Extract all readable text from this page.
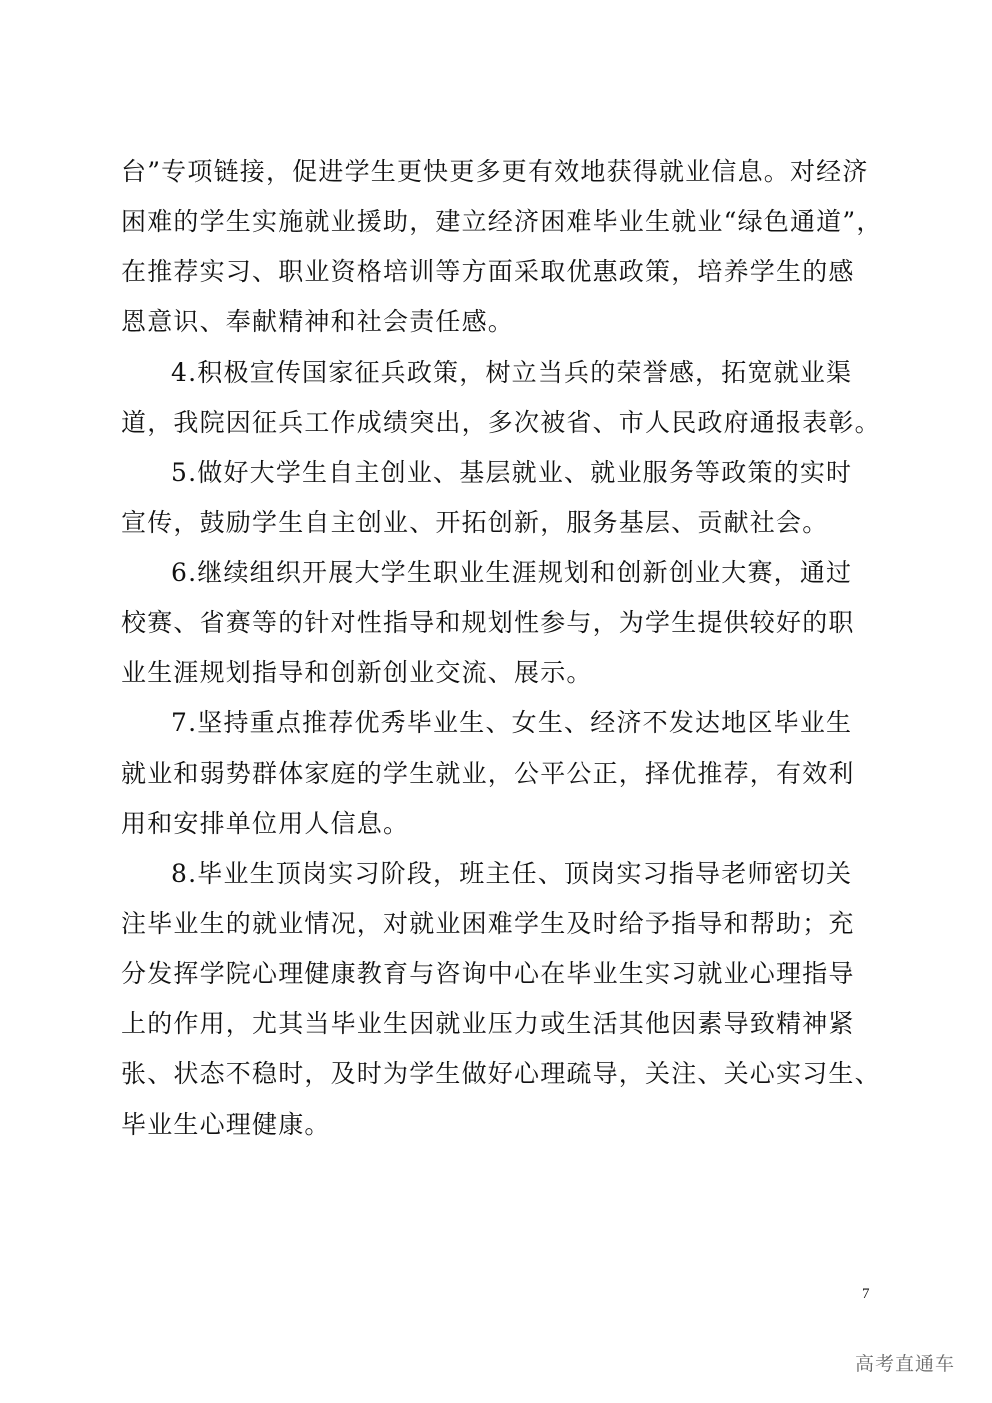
台”专项链接，促进学生更快更多更有效地获得就业信息。对经济
困难的学生实施就业援助，建立经济困难毕业生就业“绿色通道”，
在推荐实习、职业资格培训等方面采取优惠政策，培养学生的感
恩意识、奉献精神和社会责任感。
4.积极宣传国家征兵政策，树立当兵的荣誉感，拓宽就业渠
道，我院因征兵工作成绩突出，多次被省、市人民政府通报表彰。
5.做好大学生自主创业、基层就业、就业服务等政策的实时
宣传，鼓励学生自主创业、开拓创新，服务基层、贡献社会。
6.继续组织开展大学生职业生涯规划和创新创业大赛，通过
校赛、省赛等的针对性指导和规划性参与，为学生提供较好的职
业生涯规划指导和创新创业交流、展示。
7.坚持重点推荐优秀毕业生、女生、经济不发达地区毕业生
就业和弱势群体家庭的学生就业，公平公正，择优推荐，有效利
用和安排单位用人信息。
8.毕业生顶岗实习阶段，班主任、顶岗实习指导老师密切关
注毕业生的就业情况，对就业困难学生及时给予指导和帮助；充
分发挥学院心理健康教育与咨询中心在毕业生实习就业心理指导
上的作用，尤其当毕业生因就业压力或生活其他因素导致精神紧
张、状态不稳时，及时为学生做好心理疏导，关注、关心实习生、
毕业生心理健康。
7
高考直通车
